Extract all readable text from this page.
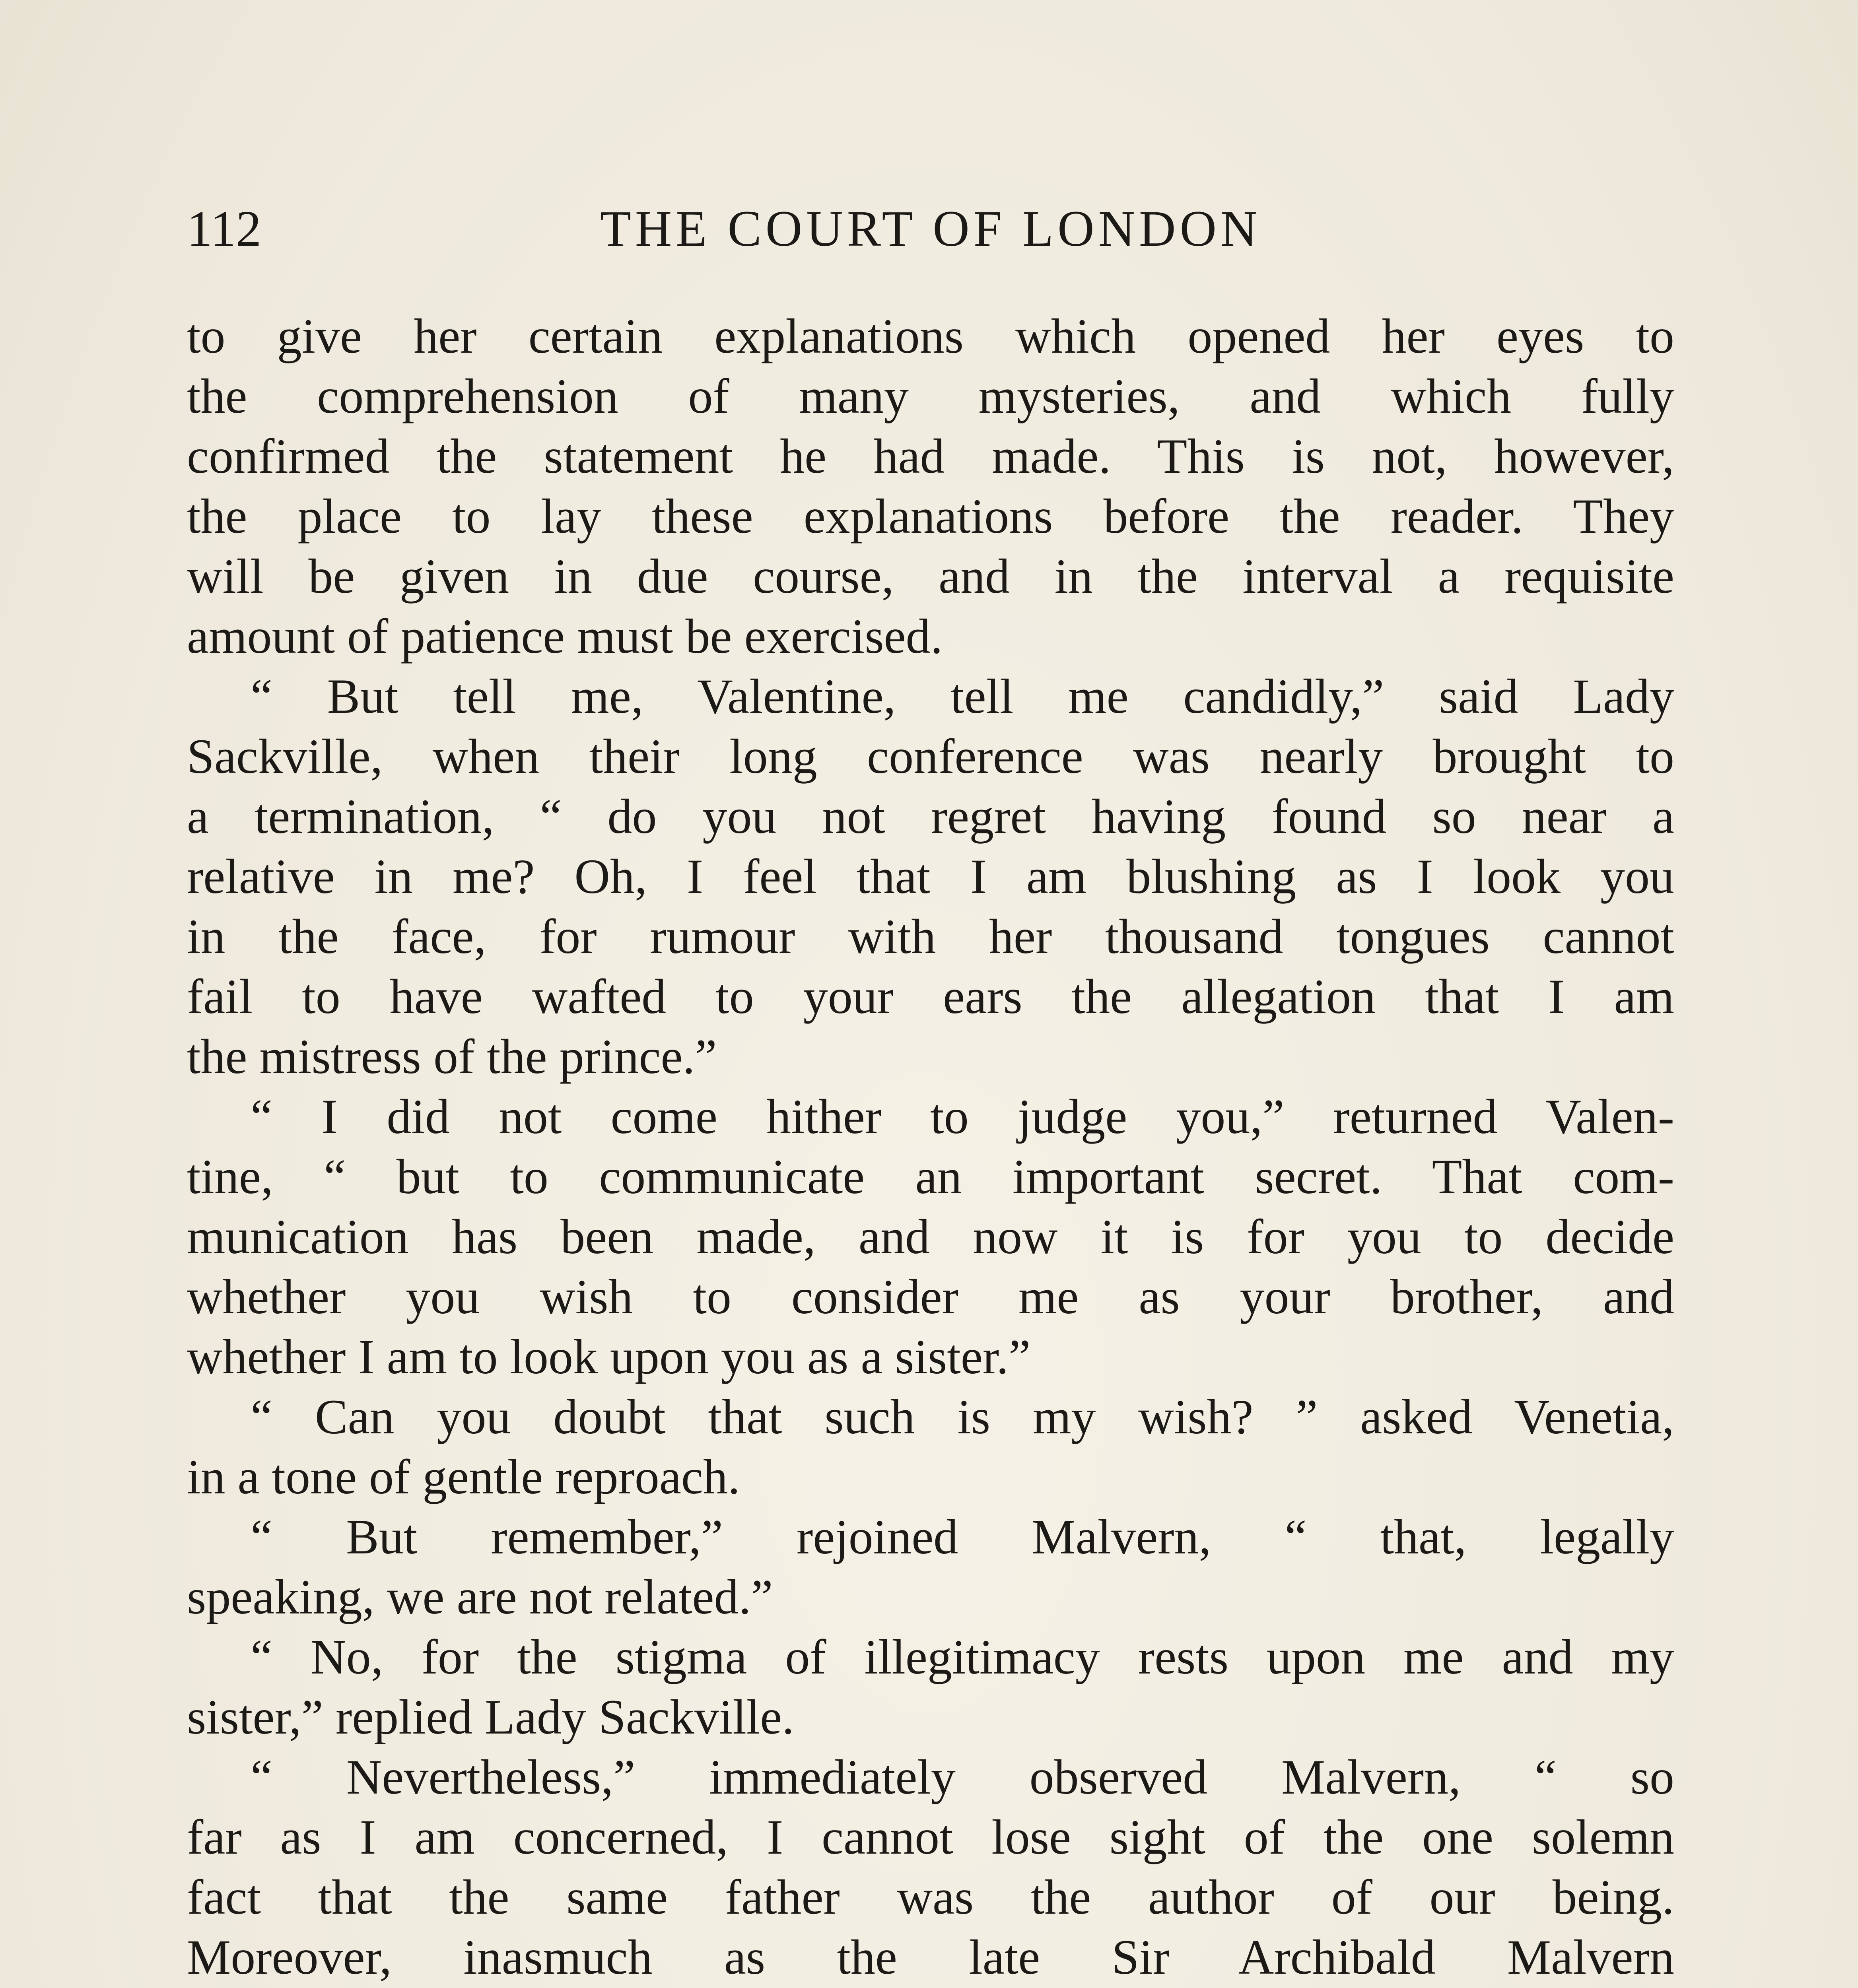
112	THE COURT OF LONDON
to give her certain explanations which opened her eyes to
the comprehension of many mysteries, and which fully
confirmed the statement he had made. This is not, however,
the place to lay these explanations before the reader. They
will be given in due course, and in the interval a requisite
amount of patience must be exercised.
“ But tell me, Valentine, tell me candidly,” said Lady
Sackville, when their long conference was nearly brought to
a termination, “ do you not regret having found so near a
relative in me? Oh, I feel that I am blushing as I look you
in the face, for rumour with her thousand tongues cannot
fail to have wafted to your ears the allegation that I am
the mistress of the prince.”
“ I did not come hither to judge you,” returned Valen-
tine, “ but to communicate an important secret. That com-
munication has been made, and now it is for you to decide
whether you wish to consider me as your brother, and
whether I am to look upon you as a sister.”
“ Can you doubt that such is my wish? ” asked Venetia,
in a tone of gentle reproach.
“ But remember,” rejoined Malvern, “ that, legally
speaking, we are not related.”
“ No, for the stigma of illegitimacy rests upon me and my
sister,” replied Lady Sackville.
“ Nevertheless,” immediately observed Malvern, “ so
far as I am concerned, I cannot lose sight of the one solemn
fact that the same father was the author of our being.
Moreover, inasmuch as the late Sir Archibald Malvern
